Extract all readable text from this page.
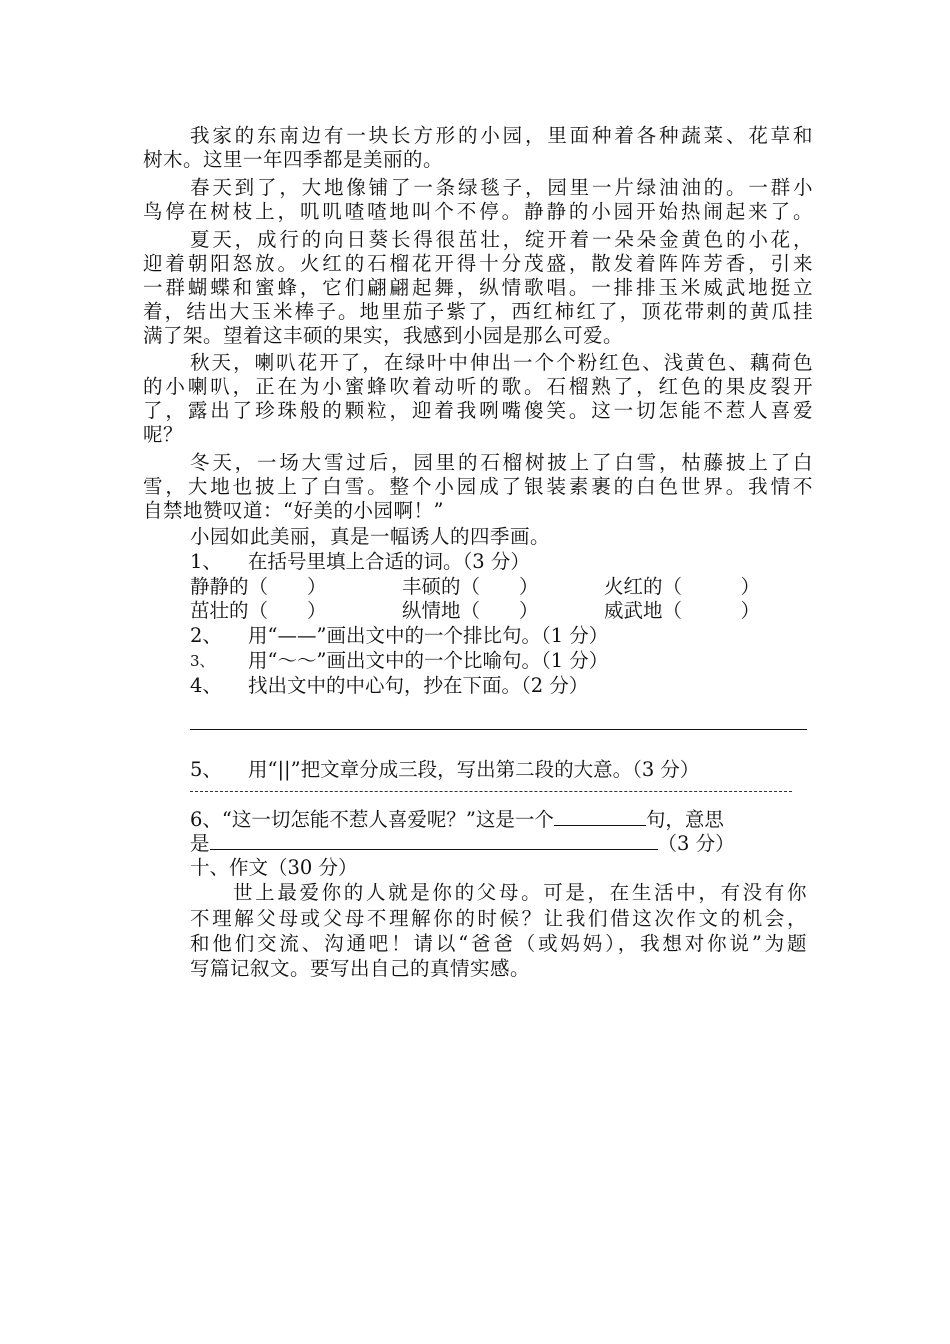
我家的东南边有一块长方形的小园，里面种着各种蔬菜、花草和
树木。这里一年四季都是美丽的。
春天到了，大地像铺了一条绿毯子，园里一片绿油油的。一群小
鸟停在树枝上，叽叽喳喳地叫个不停。静静的小园开始热闹起来了。
夏天，成行的向日葵长得很茁壮，绽开着一朵朵金黄色的小花，
迎着朝阳怒放。火红的石榴花开得十分茂盛，散发着阵阵芳香，引来
一群蝴蝶和蜜蜂，它们翩翩起舞，纵情歌唱。一排排玉米威武地挺立
着，结出大玉米棒子。地里茄子紫了，西红柿红了，顶花带刺的黄瓜挂
满了架。望着这丰硕的果实，我感到小园是那么可爱。
秋天，喇叭花开了，在绿叶中伸出一个个粉红色、浅黄色、藕荷色
的小喇叭，正在为小蜜蜂吹着动听的歌。石榴熟了，红色的果皮裂开
了，露出了珍珠般的颗粒，迎着我咧嘴傻笑。这一切怎能不惹人喜爱
呢？
冬天，一场大雪过后，园里的石榴树披上了白雪，枯藤披上了白
雪，大地也披上了白雪。整个小园成了银装素裹的白色世界。我情不
自禁地赞叹道：“好美的小园啊！”
小园如此美丽，真是一幅诱人的四季画。
1、 在括号里填上合适的词。（3 分）
静静的（　　）	丰硕的（　　）	火红的（　　　）
茁壮的（　　）	纵情地（　　）	威武地（　　　）
2、 用“——”画出文中的一个排比句。（1 分）
3、 用“～～”画出文中的一个比喻句。（1 分）
4、 找出文中的中心句，抄在下面。（2 分）
5、 用“||”把文章分成三段，写出第二段的大意。（3 分）
6、“这一切怎能不惹人喜爱呢？”这是一个	句，意思
是	（3 分）
十、作文（30 分）
世上最爱你的人就是你的父母。可是，在生活中，有没有你
不理解父母或父母不理解你的时候？让我们借这次作文的机会，
和他们交流、沟通吧！请以“爸爸（或妈妈），我想对你说”为题
写篇记叙文。要写出自己的真情实感。
